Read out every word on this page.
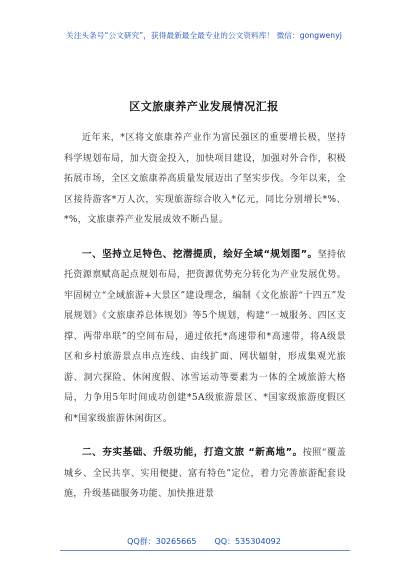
关注头条号“公文研究”，获得最新最全最专业的公文资料库！ 微信：gongwenyj
区文旅康养产业发展情况汇报

近年来，*区将文旅康养产业作为富民强区的重要增长极，坚持科学规划布局，加大资金投入，加快项目建设，加强对外合作，积极拓展市场，全区文旅康养高质量发展迈出了坚实步伐。今年以来，全区接待游客*万人次，实现旅游综合收入*亿元，同比分别增长*%、*%，文旅康养产业发展成效不断凸显。

一、坚持立足特色、挖潜提质，绘好全域“规划图”。坚持依托资源禀赋高起点规划布局，把资源优势充分转化为产业发展优势。牢固树立“全域旅游+大景区”建设理念，编制《文化旅游“十四五”发展规划》《文旅康养总体规划》等5个规划，构建“一城服务、四区支撑、两带串联”的空间布局，通过依托*高速带和*高速带，将A级景区和乡村旅游景点串点连线、由线扩面、网状辐射，形成集观光旅游、洞穴探险、休闲度假、冰雪运动等要素为一体的全域旅游大格局，力争用5年时间成功创建*5A级旅游景区、*国家级旅游度假区和*国家级旅游休闲街区。

二、夯实基础、升级功能，打造文旅 “新高地”。按照“覆盖城乡、全民共享、实用便捷、富有特色”定位，着力完善旅游配套设施，升级基础服务功能、加快推进景

QQ群：30265665 QQ：535304092
